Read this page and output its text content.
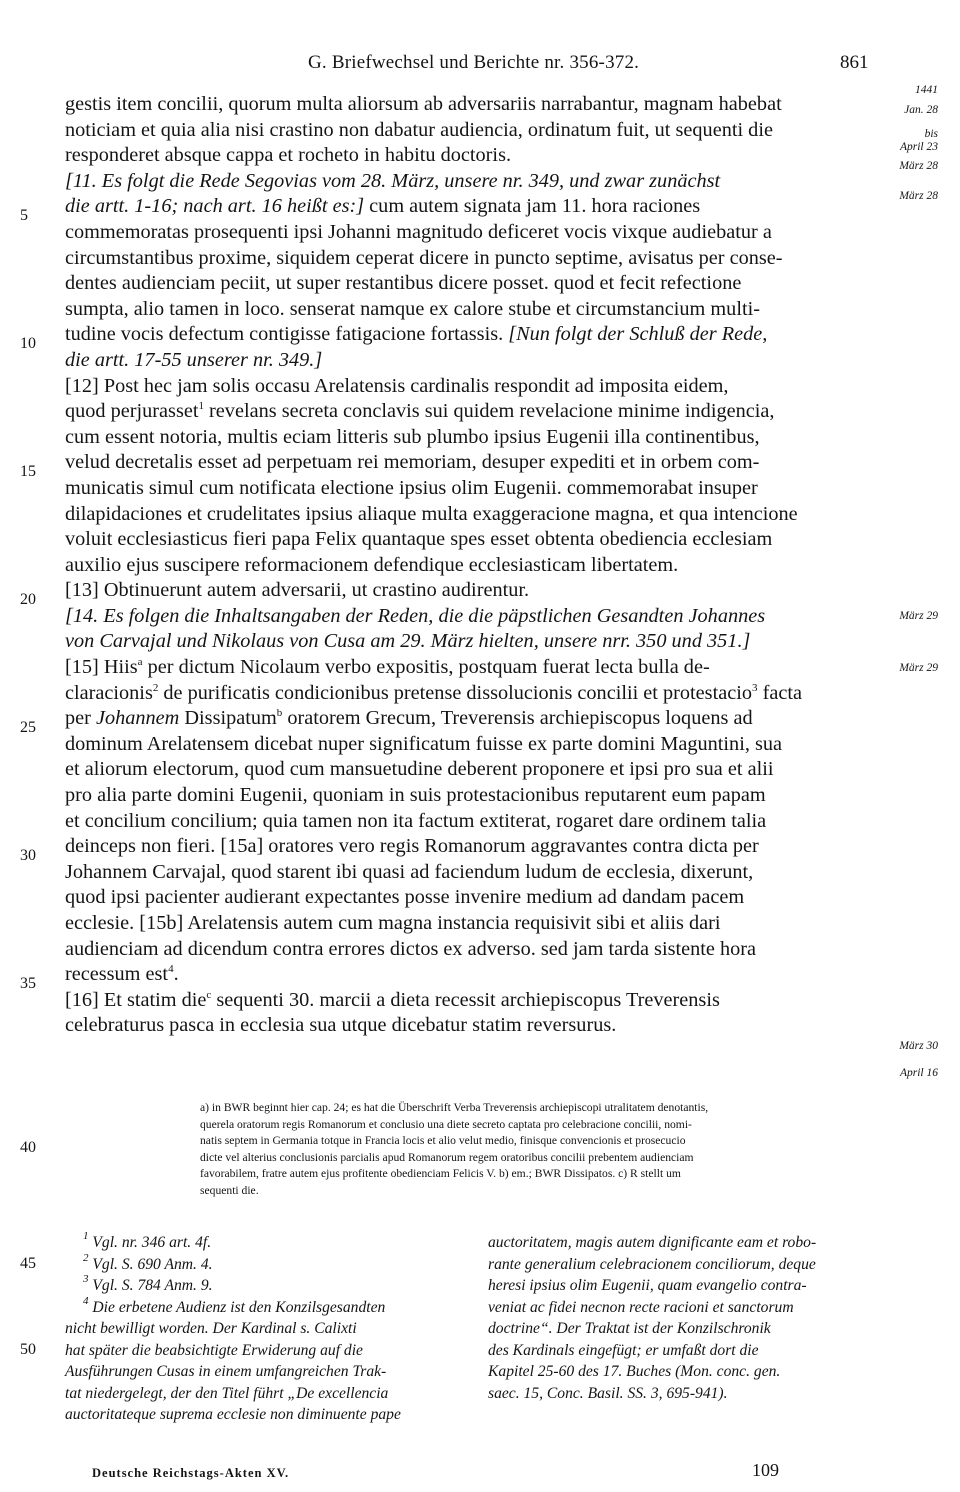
G. Briefwechsel und Berichte nr. 356-372.	861
1441
Jan. 28
bis
April 23
März 28
März 28
März 29
März 29
März 30
April 16
5
10
15
20
25
30
35
40
45
50
gestis item concilii, quorum multa aliorsum ab adversariis narrabantur, magnam habebat
noticiam et quia alia nisi crastino non dabatur audiencia, ordinatum fuit, ut sequenti die
responderet absque cappa et rocheto in habitu doctoris.
[11. Es folgt die Rede Segovias vom 28. März, unsere nr. 349, und zwar zunächst
die artt. 1-16; nach art. 16 heißt es:] cum autem signata jam 11. hora raciones
commemoratas prosequenti ipsi Johanni magnitudo deficeret vocis vixque audiebatur a
circumstantibus proxime, siquidem ceperat dicere in puncto septime, avisatus per conse-
dentes audienciam peciit, ut super restantibus dicere posset. quod et fecit refectione
sumpta, alio tamen in loco. senserat namque ex calore stube et circumstancium multi-
tudine vocis defectum contigisse fatigacione fortassis. [Nun folgt der Schluß der Rede,
die artt. 17-55 unserer nr. 349.]
[12] Post hec jam solis occasu Arelatensis cardinalis respondit ad imposita eidem,
quod perjurasset$^1$ revelans secreta conclavis sui quidem revelacione minime indigencia,
cum essent notoria, multis eciam litteris sub plumbo ipsius Eugenii illa continentibus,
velud decretalis esset ad perpetuam rei memoriam, desuper expediti et in orbem com-
municatis simul cum notificata electione ipsius olim Eugenii. commemorabat insuper
dilapidaciones et crudelitates ipsius aliaque multa exaggeracione magna, et qua intencione
voluit ecclesiasticus fieri papa Felix quantaque spes esset obtenta obediencia ecclesiam
auxilio ejus suscipere reformacionem defendique ecclesiasticam libertatem.
[13] Obtinuerunt autem adversarii, ut crastino audirentur.
[14. Es folgen die Inhaltsangaben der Reden, die die päpstlichen Gesandten Johannes
von Carvajal und Nikolaus von Cusa am 29. März hielten, unsere nrr. 350 und 351.]
[15] Hiis$^a$ per dictum Nicolaum verbo expositis, postquam fuerat lecta bulla de-
claracionis$^2$ de purificatis condicionibus pretense dissolucionis concilii et protestacio$^3$ facta
per Johannem Dissipatum$^b$ oratorem Grecum, Treverensis archiepiscopus loquens ad
dominum Arelatensem dicebat nuper significatum fuisse ex parte domini Maguntini, sua
et aliorum electorum, quod cum mansuetudine deberent proponere et ipsi pro sua et alii
pro alia parte domini Eugenii, quoniam in suis protestacionibus reputarent eum papam
et concilium concilium; quia tamen non ita factum extiterat, rogaret dare ordinem talia
deinceps non fieri. [15a] oratores vero regis Romanorum aggravantes contra dicta per
Johannem Carvajal, quod starent ibi quasi ad faciendum ludum de ecclesia, dixerunt,
quod ipsi pacienter audierant expectantes posse invenire medium ad dandam pacem
ecclesie. [15b] Arelatensis autem cum magna instancia requisivit sibi et aliis dari
audienciam ad dicendum contra errores dictos ex adverso. sed jam tarda sistente hora
recessum est$^4$.
[16] Et statim die$^c$ sequenti 30. marcii a dieta recessit archiepiscopus Treverensis
celebraturus pasca in ecclesia sua utque dicebatur statim reversurus.
a) in BWR beginnt hier cap. 24; es hat die Überschrift Verba Treverensis archiepiscopi utralitatem denotantis,
querela oratorum regis Romanorum et conclusio una diete secreto captata pro celebracione concilii, nomi-
natis septem in Germania totque in Francia locis et alio velut medio, finisque convencionis et prosecucio
dicte vel alterius conclusionis parcialis apud Romanorum regem oratoribus concilii prebentem audienciam
favorabilem, fratre autem ejus profitente obedienciam Felicis V. b) em.; BWR Dissipatos. c) R stellt um
sequenti die.
$^1$ Vgl. nr. 346 art. 4f.
$^2$ Vgl. S. 690 Anm. 4.
$^3$ Vgl. S. 784 Anm. 9.
$^4$ Die erbetene Audienz ist den Konzilsgesandten
nicht bewilligt worden. Der Kardinal s. Calixti
hat später die beabsichtigte Erwiderung auf die
Ausführungen Cusas in einem umfangreichen Trak-
tat niedergelegt, der den Titel führt „De excellencia
auctoritateque suprema ecclesie non diminuente pape
auctoritatem, magis autem dignificante eam et robo-
rante generalium celebracionem conciliorum, deque
heresi ipsius olim Eugenii, quam evangelio contra-
veniat ac fidei necnon recte racioni et sanctorum
doctrine“. Der Traktat ist der Konzilschronik
des Kardinals eingefügt; er umfaßt dort die
Kapitel 25-60 des 17. Buches (Mon. conc. gen.
saec. 15, Conc. Basil. SS. 3, 695-941).
Deutsche Reichstags-Akten XV.	109
